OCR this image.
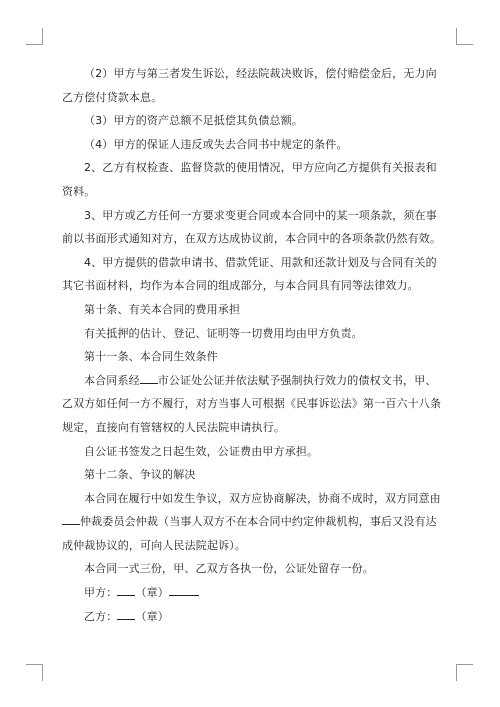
（2）甲方与第三者发生诉讼，经法院裁决败诉，偿付赔偿金后，无力向乙方偿付贷款本息。

（3）甲方的资产总额不足抵偿其负债总额。

（4）甲方的保证人违反或失去合同书中规定的条件。

2、乙方有权检查、监督贷款的使用情况，甲方应向乙方提供有关报表和资料。

3、甲方或乙方任何一方要求变更合同或本合同中的某一项条款，须在事前以书面形式通知对方，在双方达成协议前，本合同中的各项条款仍然有效。

4、甲方提供的借款申请书、借款凭证、用款和还款计划及与合同有关的其它书面材料，均作为本合同的组成部分，与本合同具有同等法律效力。

第十条、有关本合同的费用承担

有关抵押的估计、登记、证明等一切费用均由甲方负责。

第十一条、本合同生效条件

本合同系经 市公证处公证并依法赋予强制执行效力的债权文书，甲、乙双方如任何一方不履行，对方当事人可根据《民事诉讼法》第一百六十八条规定，直接向有管辖权的人民法院申请执行。

自公证书签发之日起生效，公证费由甲方承担。

第十二条、争议的解决

本合同在履行中如发生争议，双方应协商解决，协商不成时，双方同意由仲裁委员会仲裁（当事人双方不在本合同中约定仲裁机构，事后又没有达成仲裁协议的，可向人民法院起诉）。

本合同一式三份，甲、乙双方各执一份，公证处留存一份。

甲方： （章）

乙方： （章）
